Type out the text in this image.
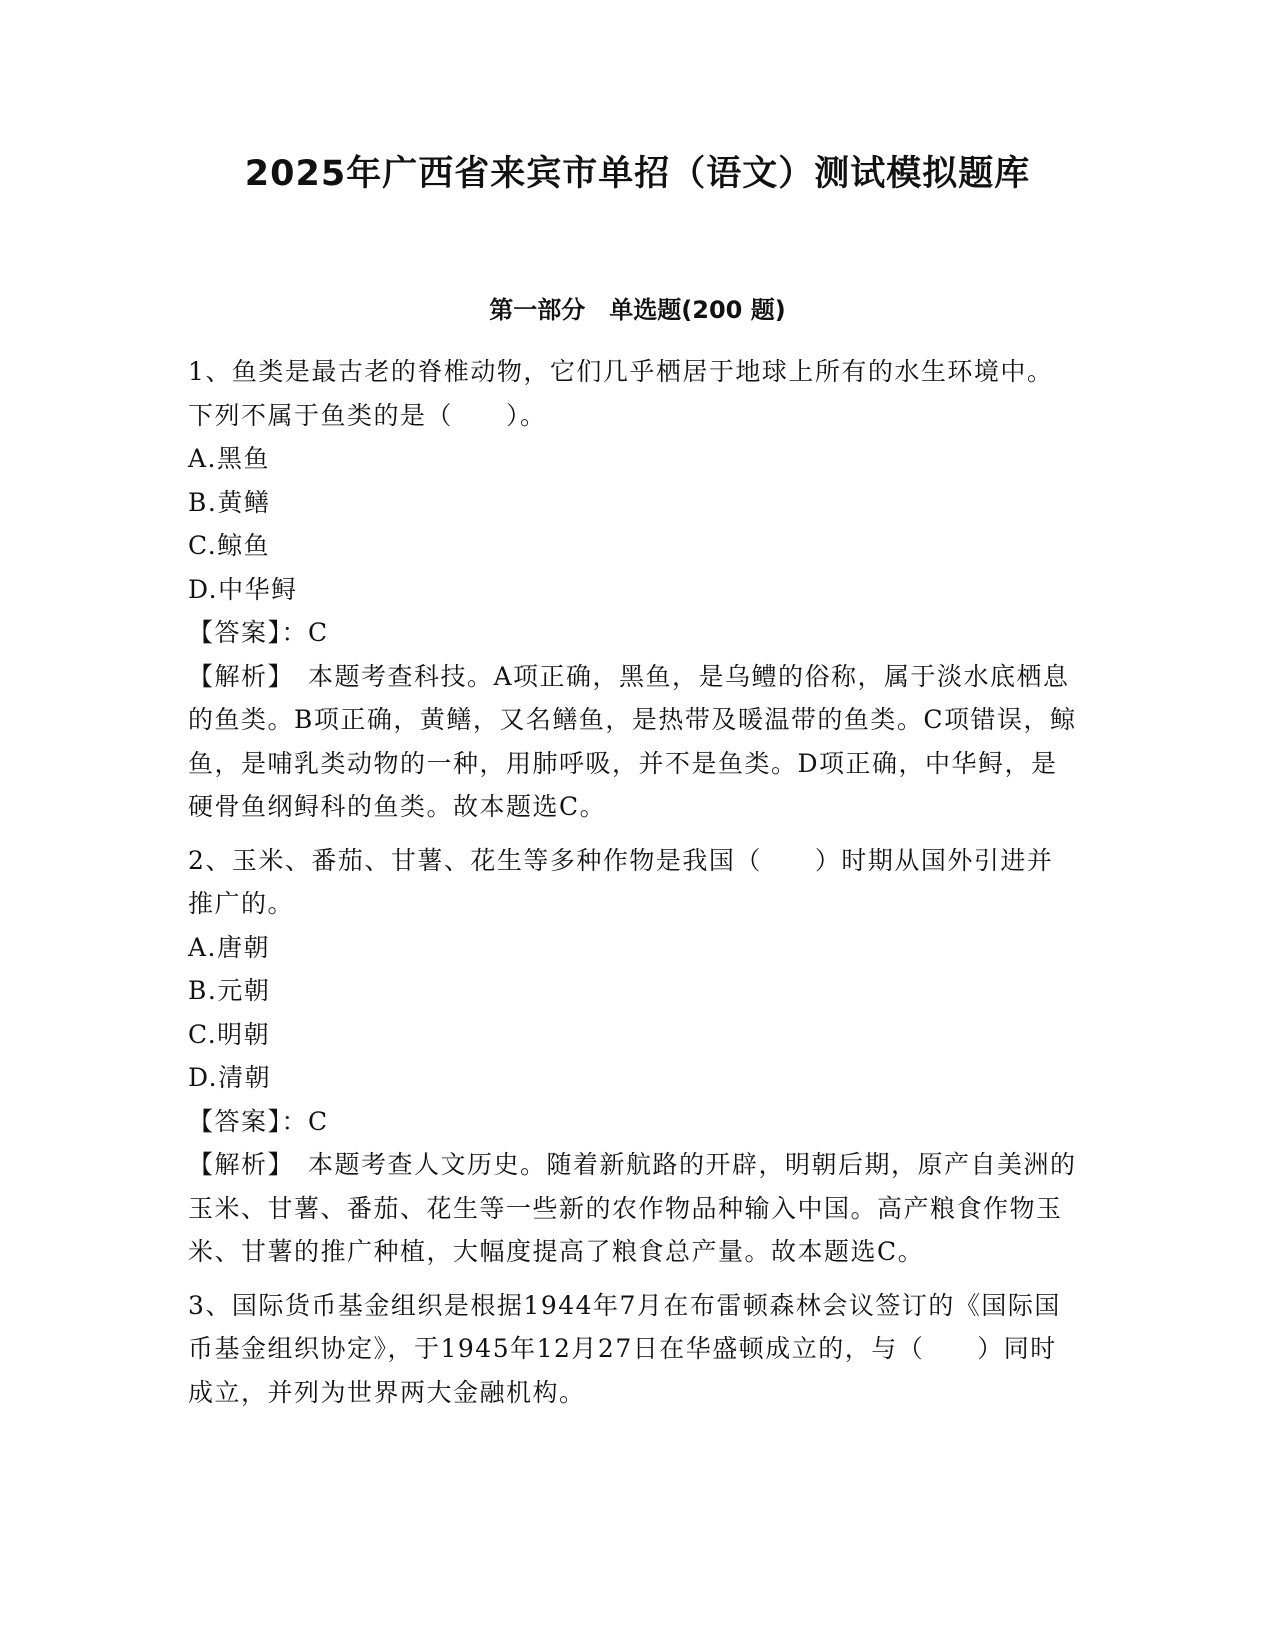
2025年广西省来宾市单招（语文）测试模拟题库
第一部分　单选题(200 题)

1、鱼类是最古老的脊椎动物，它们几乎栖居于地球上所有的水生环境中。下列不属于鱼类的是（　　）。

A.黑鱼

B.黄鳝

C.鲸鱼

D.中华鲟

【答案】：C

【解析】　本题考查科技。A项正确，黑鱼，是乌鳢的俗称，属于淡水底栖息的鱼类。B项正确，黄鳝，又名鳝鱼，是热带及暖温带的鱼类。C项错误，鲸鱼，是哺乳类动物的一种，用肺呼吸，并不是鱼类。D项正确，中华鲟，是硬骨鱼纲鲟科的鱼类。故本题选C。

2、玉米、番茄、甘薯、花生等多种作物是我国（　　）时期从国外引进并推广的。

A.唐朝

B.元朝

C.明朝

D.清朝

【答案】：C

【解析】　本题考查人文历史。随着新航路的开辟，明朝后期，原产自美洲的玉米、甘薯、番茄、花生等一些新的农作物品种输入中国。高产粮食作物玉米、甘薯的推广种植，大幅度提高了粮食总产量。故本题选C。

3、国际货币基金组织是根据1944年7月在布雷顿森林会议签订的《国际国币基金组织协定》，于1945年12月27日在华盛顿成立的，与（　　）同时成立，并列为世界两大金融机构。
